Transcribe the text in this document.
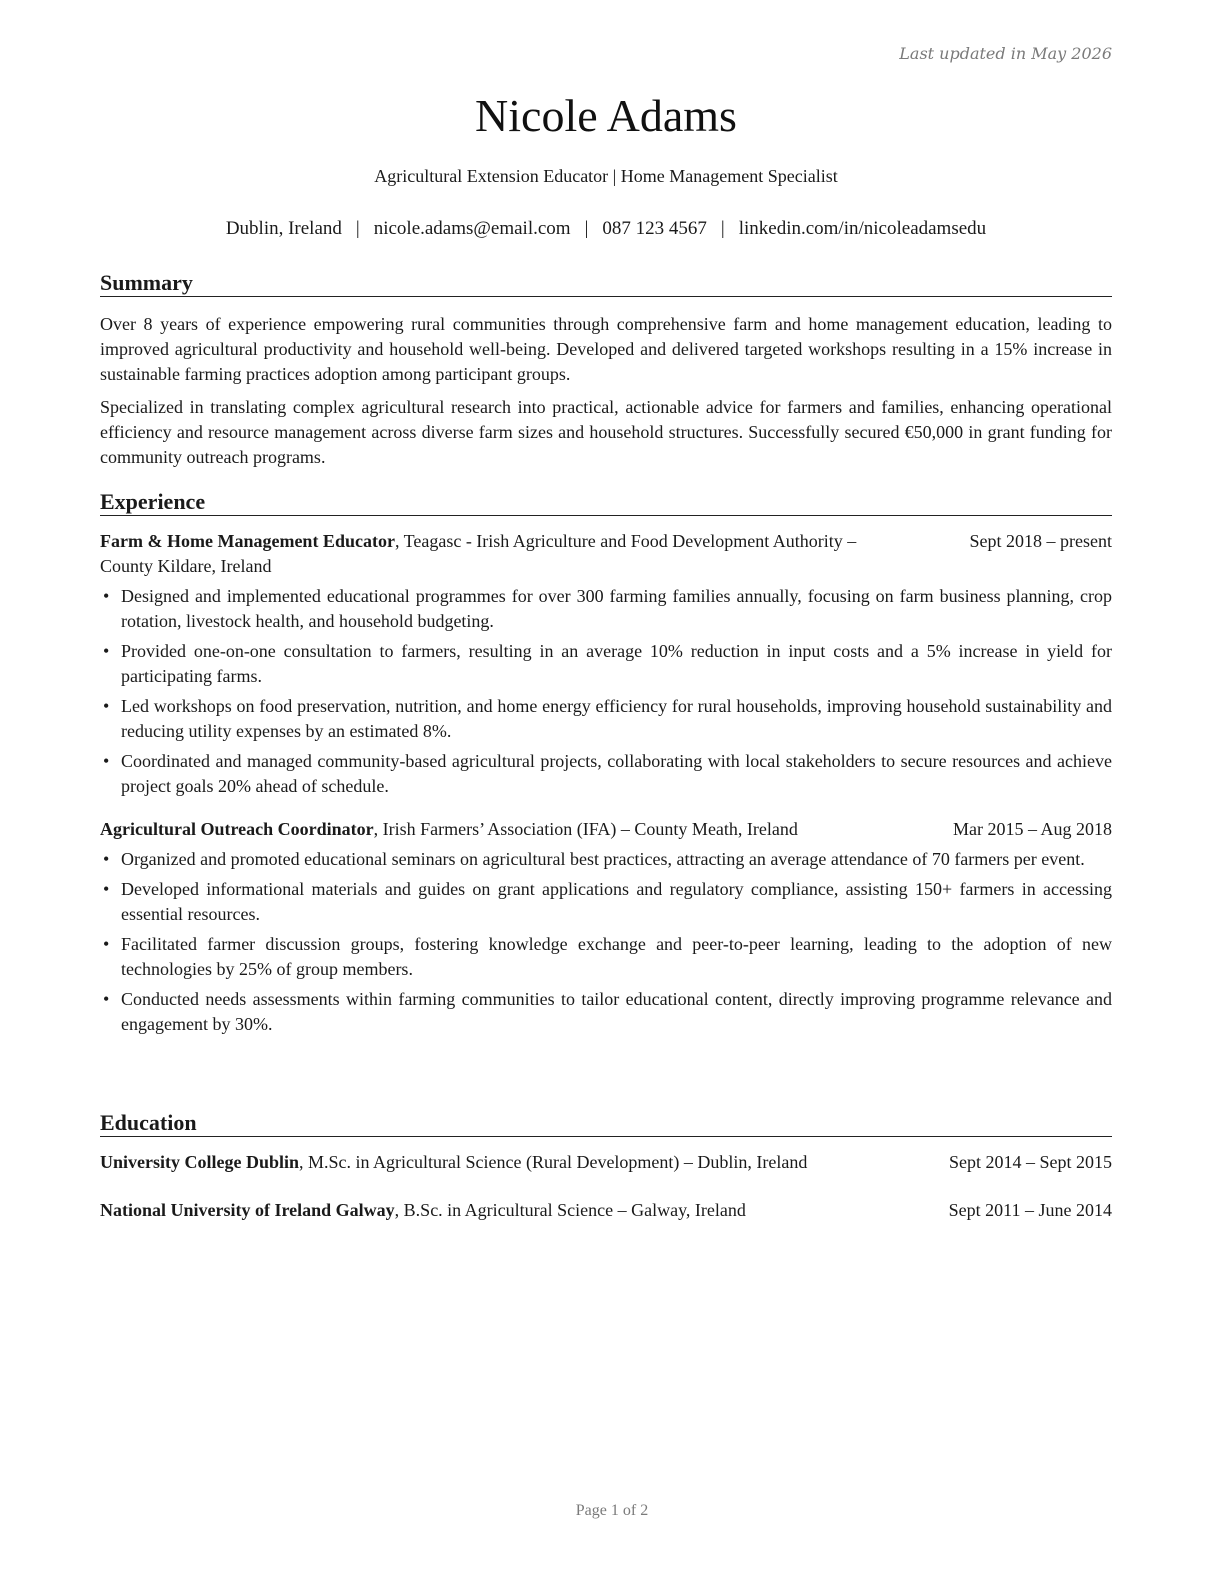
Last updated in May 2026
Nicole Adams
Agricultural Extension Educator | Home Management Specialist
Dublin, Ireland | nicole.adams@email.com | 087 123 4567 | linkedin.com/in/nicoleadamsedu
Summary

Over 8 years of experience empowering rural communities through comprehensive farm and home management education, leading to improved agricultural productivity and household well-being. Developed and delivered targeted workshops resulting in a 15% increase in sustainable farming practices adoption among participant groups.

Specialized in translating complex agricultural research into practical, actionable advice for farmers and families, enhancing operational efficiency and resource management across diverse farm sizes and household structures. Successfully secured €50,000 in grant funding for community outreach programs.

Experience
Farm & Home Management Educator, Teagasc - Irish Agriculture and Food Development Authority – County Kildare, Ireland
Sept 2018 – present
• Designed and implemented educational programmes for over 300 farming families annually, focusing on farm business planning, crop rotation, livestock health, and household budgeting.
• Provided one-on-one consultation to farmers, resulting in an average 10% reduction in input costs and a 5% increase in yield for participating farms.
• Led workshops on food preservation, nutrition, and home energy efficiency for rural households, improving household sustainability and reducing utility expenses by an estimated 8%.
• Coordinated and managed community-based agricultural projects, collaborating with local stakeholders to secure resources and achieve project goals 20% ahead of schedule.
Agricultural Outreach Coordinator, Irish Farmers’ Association (IFA) – County Meath, Ireland	Mar 2015 – Aug 2018
• Organized and promoted educational seminars on agricultural best practices, attracting an average attendance of 70 farmers per event.
• Developed informational materials and guides on grant applications and regulatory compliance, assisting 150+ farmers in accessing essential resources.
• Facilitated farmer discussion groups, fostering knowledge exchange and peer-to-peer learning, leading to the adoption of new technologies by 25% of group members.
• Conducted needs assessments within farming communities to tailor educational content, directly improving programme relevance and engagement by 30%.
Education
University College Dublin, M.Sc. in Agricultural Science (Rural Development) – Dublin, Ireland	Sept 2014 – Sept 2015
National University of Ireland Galway, B.Sc. in Agricultural Science – Galway, Ireland	Sept 2011 – June 2014
Page 1 of 2
